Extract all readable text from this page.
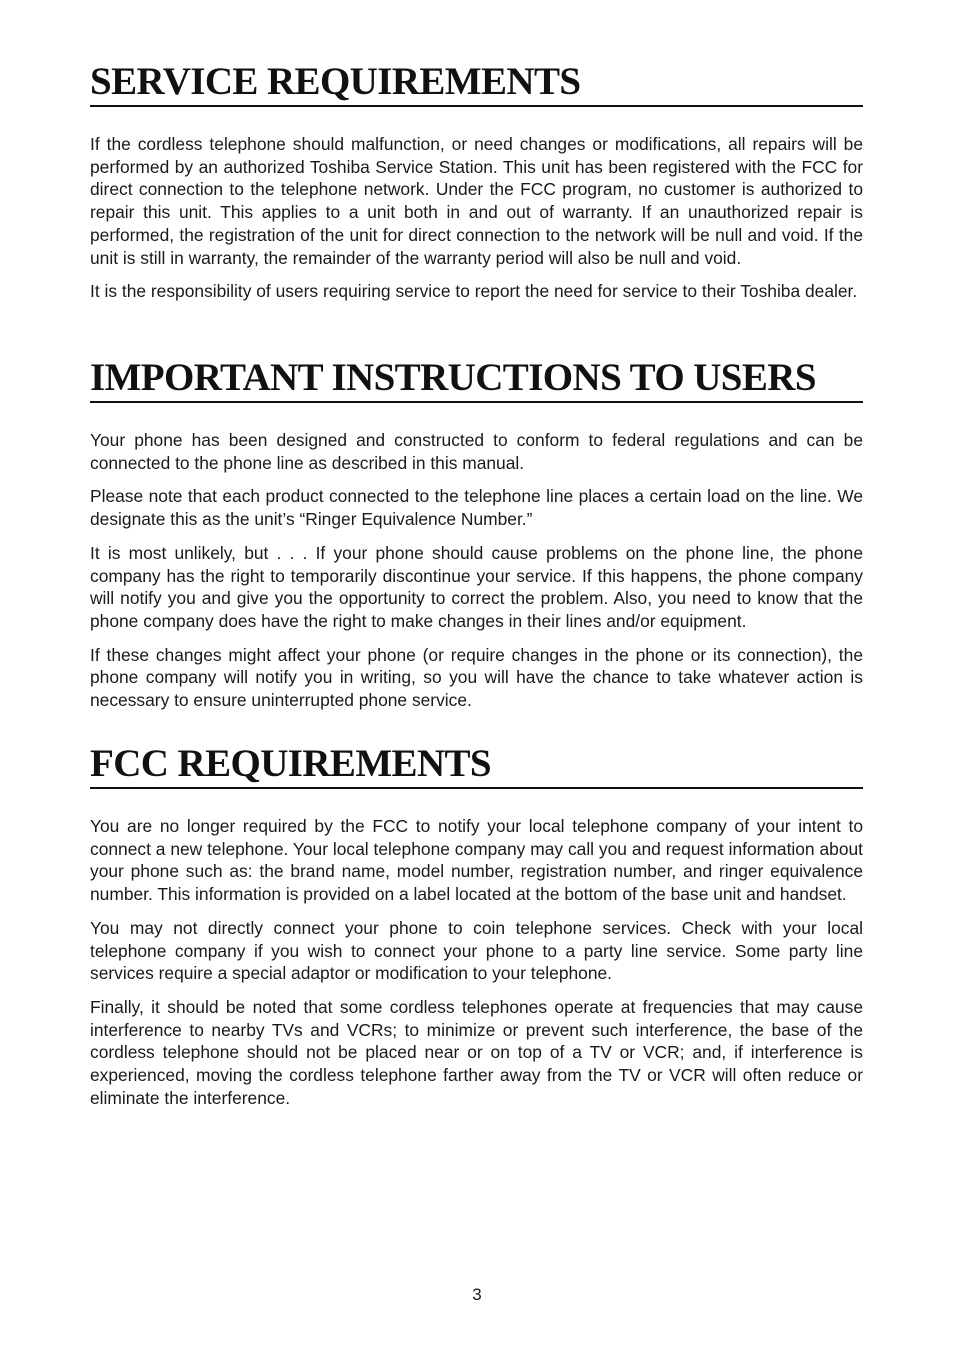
SERVICE REQUIREMENTS

If the cordless telephone should malfunction, or need changes or modifications, all repairs will be performed by an authorized Toshiba Service Station. This unit has been registered with the FCC for direct connection to the telephone network. Under the FCC program, no customer is authorized to repair this unit. This applies to a unit both in and out of warranty. If an unauthorized repair is performed, the registration of the unit for direct connection to the network will be null and void. If the unit is still in warranty, the remainder of the warranty period will also be null and void.

It is the responsibility of users requiring service to report the need for service to their Toshiba dealer.

IMPORTANT INSTRUCTIONS TO USERS

Your phone has been designed and constructed to conform to federal regulations and can be connected to the phone line as described in this manual.

Please note that each product connected to the telephone line places a certain load on the line. We designate this as the unit’s “Ringer Equivalence Number.”

It is most unlikely, but . . . If your phone should cause problems on the phone line, the phone company has the right to temporarily discontinue your service. If this happens, the phone company will notify you and give you the opportunity to correct the problem. Also, you need to know that the phone company does have the right to make changes in their lines and/or equipment.

If these changes might affect your phone (or require changes in the phone or its connection), the phone company will notify you in writing, so you will have the chance to take whatever action is necessary to ensure uninterrupted phone service.

FCC REQUIREMENTS

You are no longer required by the FCC to notify your local telephone company of your intent to connect a new telephone. Your local telephone company may call you and request information about your phone such as: the brand name, model number, registration number, and ringer equivalence number. This information is provided on a label located at the bottom of the base unit and handset.

You may not directly connect your phone to coin telephone services. Check with your local telephone company if you wish to connect your phone to a party line service. Some party line services require a special adaptor or modification to your telephone.

Finally, it should be noted that some cordless telephones operate at frequencies that may cause interference to nearby TVs and VCRs; to minimize or prevent such interference, the base of the cordless telephone should not be placed near or on top of a TV or VCR; and, if interference is experienced, moving the cordless telephone farther away from the TV or VCR will often reduce or eliminate the interference.

3
